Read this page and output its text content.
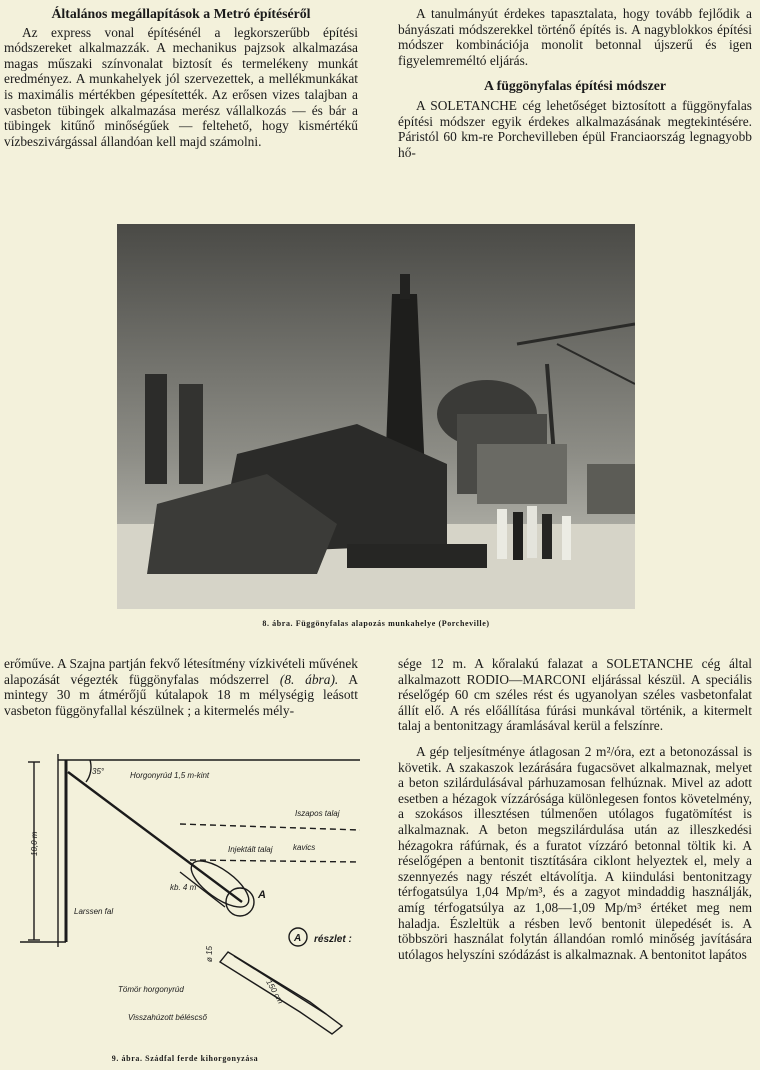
Általános megállapítások a Metró építéséről

Az express vonal építésénél a legkorszerűbb építési módszereket alkalmazzák. A mechanikus pajzsok alkalmazása magas műszaki színvonalat biztosít és termelékeny munkát eredményez. A munkahelyek jól szervezettek, a mellékmunkákat is maximális mértékben gépesítették. Az erősen vizes talajban a vasbeton tübingek alkalmazása merész vállalkozás — és bár a tübingek kitűnő minőségűek — feltehető, hogy kismértékű vízbeszivárgással állandóan kell majd számolni.

A tanulmányút érdekes tapasztalata, hogy tovább fejlődik a bányászati módszerekkel történő építés is. A nagyblokkos építési módszer kombinációja monolit betonnal újszerű és igen figyelemreméltó eljárás.

A függönyfalas építési módszer

A SOLETANCHE cég lehetőséget biztosított a függönyfalas építési módszer egyik érdekes alkalmazásának megtekintésére. Páristól 60 km-re Porchevilleben épül Franciaország legnagyobb hő-

8. ábra. Függönyfalas alapozás munkahelye (Porcheville)

erőműve. A Szajna partján fekvő létesítmény vízkivételi művének alapozását végezték függönyfalas módszerrel (8. ábra). A mintegy 30 m átmérőjű kútalapok 18 m mélységig leásott vasbeton függönyfallal készülnek ; a kitermelés mély-

35°	Horgonyrúd 1,5 m-kint
Iszapos talaj
kavics
Injektált talaj
kb. 4 m
A
10,0 m
Larssen fal
A részlet :
ø 15
Tömör horgonyrúd
Visszahúzott béléscső
150 cm
9. ábra. Szádfal ferde kihorgonyzása

sége 12 m. A kőralakú falazat a SOLETANCHE cég által alkalmazott RODIO—MARCONI eljárással készül. A speciális réselőgép 60 cm széles rést és ugyanolyan széles vasbetonfalat állít elő. A rés előállítása fúrási munkával történik, a kitermelt talaj a bentonitzagy áramlásával kerül a felszínre.

A gép teljesítménye átlagosan 2 m²/óra, ezt a betonozással is követik. A szakaszok lezárására fugacsövet alkalmaznak, melyet a beton szilárdulásával párhuzamosan felhúznak. Mivel az adott esetben a hézagok vízzárósága különlegesen fontos követelmény, a szokásos illesztésen túlmenően utólagos fugatömítést is alkalmaznak. A beton megszilárdulása után az illeszkedési hézagokra ráfúrnak, és a furatot vízzáró betonnal töltik ki. A réselőgépen a bentonit tisztítására ciklont helyeztek el, mely a szennyezés nagy részét eltávolítja. A kiindulási bentonitzagy térfogatsúlya 1,04 Mp/m³, és a zagyot mindaddig használják, amíg térfogatsúlya az 1,08—1,09 Mp/m³ értéket meg nem haladja. Észleltük a résben levő bentonit ülepedését is. A többszöri használat folytán állandóan romló minőség javítására utólagos helyszíni szódázást is alkalmaznak. A bentonitot lapátos
